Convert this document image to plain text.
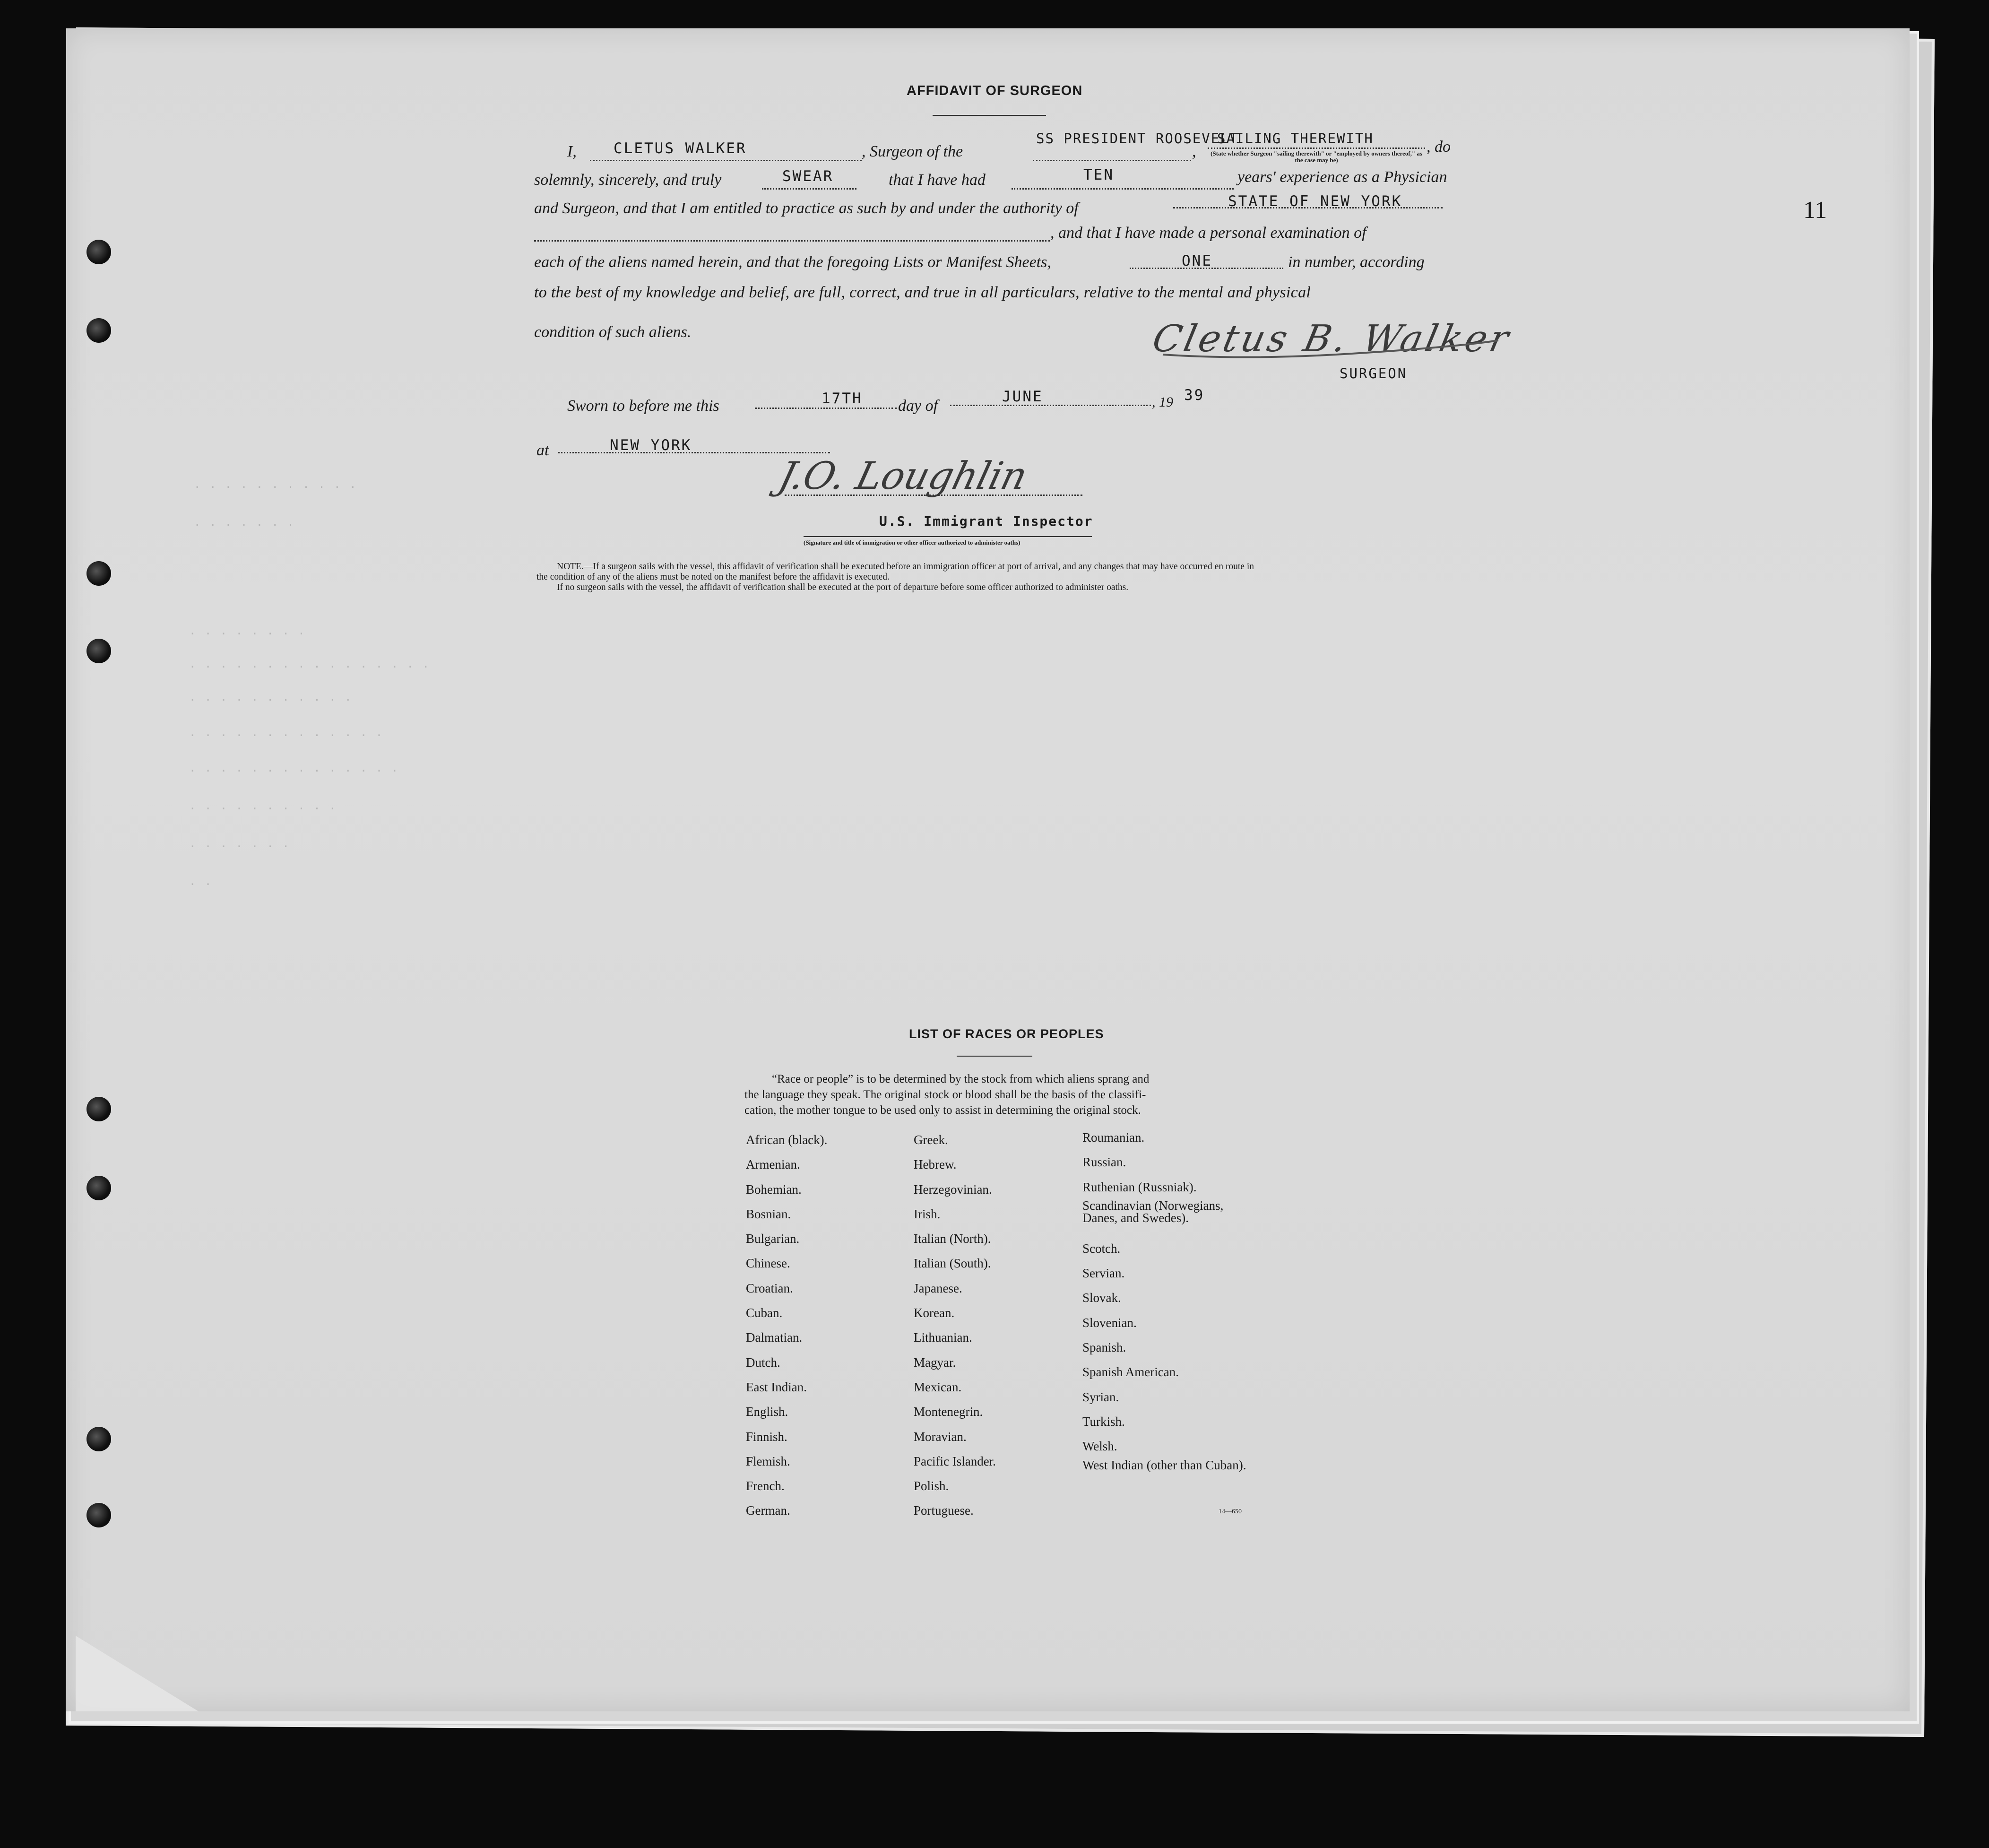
11
. . . . . . . . . . .
. . . . . . .
. . . . . . . .
. . . . . . . . . . . . . . . .
. . . . . . . . . . .
. . . . . . . . . . . . .
. . . . . . . . . . . . . .
. . . . . . . . . .
. . . . . . .
. .
AFFIDAVIT OF SURGEON
I,	CLETUS WALKER	, Surgeon of the
SS PRESIDENT ROOSEVELT
,
SAILING THEREWITH
(State whether Surgeon "sailing therewith" or "employed by owners thereof," as the case may be)
, do
solemnly, sincerely, and truly	SWEAR	that I have had	TEN	years' experience as a Physician
and Surgeon, and that I am entitled to practice as such by and under the authority of	STATE OF NEW YORK
, and that I have made a personal examination of
each of the aliens named herein, and that the foregoing Lists or Manifest Sheets,	ONE	in number, according
to the best of my knowledge and belief, are full, correct, and true in all particulars, relative to the mental and physical
condition of such aliens.	Cletus B. Walker
SURGEON
Sworn to before me this	17TH day of
JUNE	, 19 39
at	NEW YORK
J.O. Loughlin
U.S. Immigrant Inspector
(Signature and title of immigration or other officer authorized to administer oaths)
NOTE.—If a surgeon sails with the vessel, this affidavit of verification shall be executed before an immigration officer at port of arrival, and any changes that may have occurred en route in
the condition of any of the aliens must be noted on the manifest before the affidavit is executed.
If no surgeon sails with the vessel, the affidavit of verification shall be executed at the port of departure before some officer authorized to administer oaths.
LIST OF RACES OR PEOPLES
“Race or people” is to be determined by the stock from which aliens sprang and
the language they speak. The original stock or blood shall be the basis of the classifi-
cation, the mother tongue to be used only to assist in determining the original stock.
African (black).
Armenian.
Bohemian.
Bosnian.
Bulgarian.
Chinese.
Croatian.
Cuban.
Dalmatian.
Dutch.
East Indian.
English.
Finnish.
Flemish.
French.
German.
Greek.
Hebrew.
Herzegovinian.
Irish.
Italian (North).
Italian (South).
Japanese.
Korean.
Lithuanian.
Magyar.
Mexican.
Montenegrin.
Moravian.
Pacific Islander.
Polish.
Portuguese.
Roumanian.
Russian.
Ruthenian (Russniak).
Scandinavian (Norwegians, Danes, and Swedes).
Scotch.
Servian.
Slovak.
Slovenian.
Spanish.
Spanish American.
Syrian.
Turkish.
Welsh.
West Indian (other than Cuban).
14—650
